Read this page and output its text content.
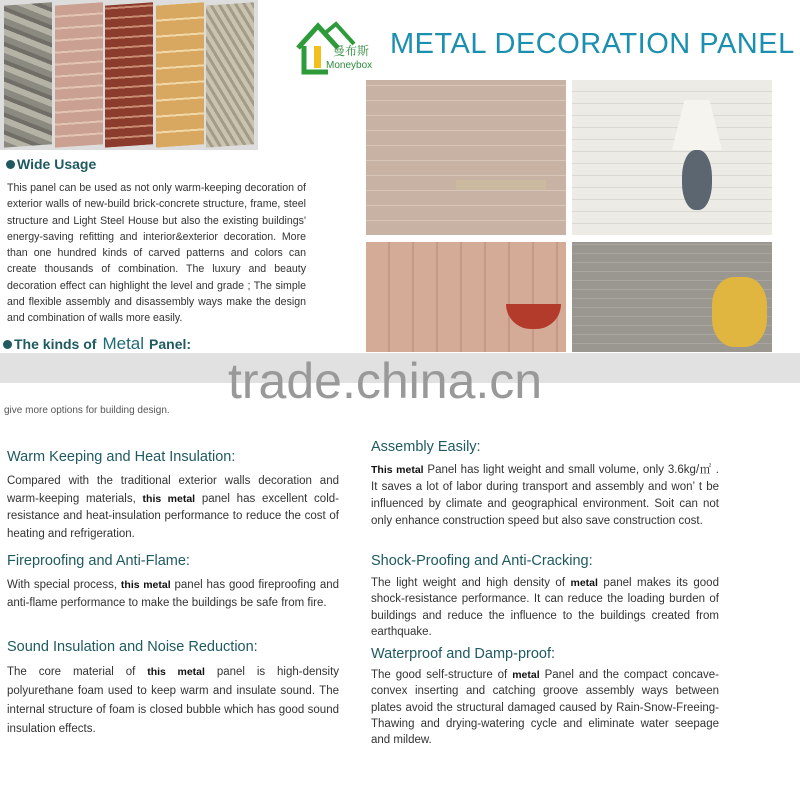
曼布斯
Moneybox
METAL DECORATION PANEL
Wide Usage
This panel can be used as not only warm-keeping decoration of exterior walls of new-build brick-concrete structure, frame, steel structure and Light Steel House but also the existing buildings' energy-saving refitting and interior&exterior decoration. More than one hundred kinds of carved patterns and colors can create thousands of combination. The luxury and beauty decoration effect can highlight the level and grade ; The simple and flexible assembly and disassembly ways make the design and combination of walls more easily.
The kinds of Metal Panel:
trade.china.cn
give more options for building design.
Warm Keeping and Heat Insulation:
Compared with the traditional exterior walls decoration and warm-keeping materials, this metal panel has excellent cold-resistance and heat-insulation performance to reduce the cost of heating and refrigeration.
Fireproofing and Anti-Flame:
With special process, this metal panel has good fireproofing and anti-flame performance to make the buildings be safe from fire.
Sound Insulation and Noise Reduction:
The core material of this metal panel is high-density polyurethane foam used to keep warm and insulate sound. The internal structure of foam is closed bubble which has good sound insulation effects.
Assembly Easily:
This metal Panel has light weight and small volume, only 3.6kg/㎡ . It saves a lot of labor during transport and assembly and won’ t be influenced by climate and geographical environment. Soit can not only enhance construction speed but also save construction cost.
Shock-Proofing and Anti-Cracking:
The light weight and high density of metal panel makes its good shock-resistance performance. It can reduce the loading burden of buildings and reduce the influence to the buildings created from earthquake.
Waterproof and Damp-proof:
The good self-structure of metal Panel and the compact concave-convex inserting and catching groove assembly ways between plates avoid the structural damaged caused by Rain-Snow-Freeing-Thawing and drying-watering cycle and eliminate water seepage and mildew.
